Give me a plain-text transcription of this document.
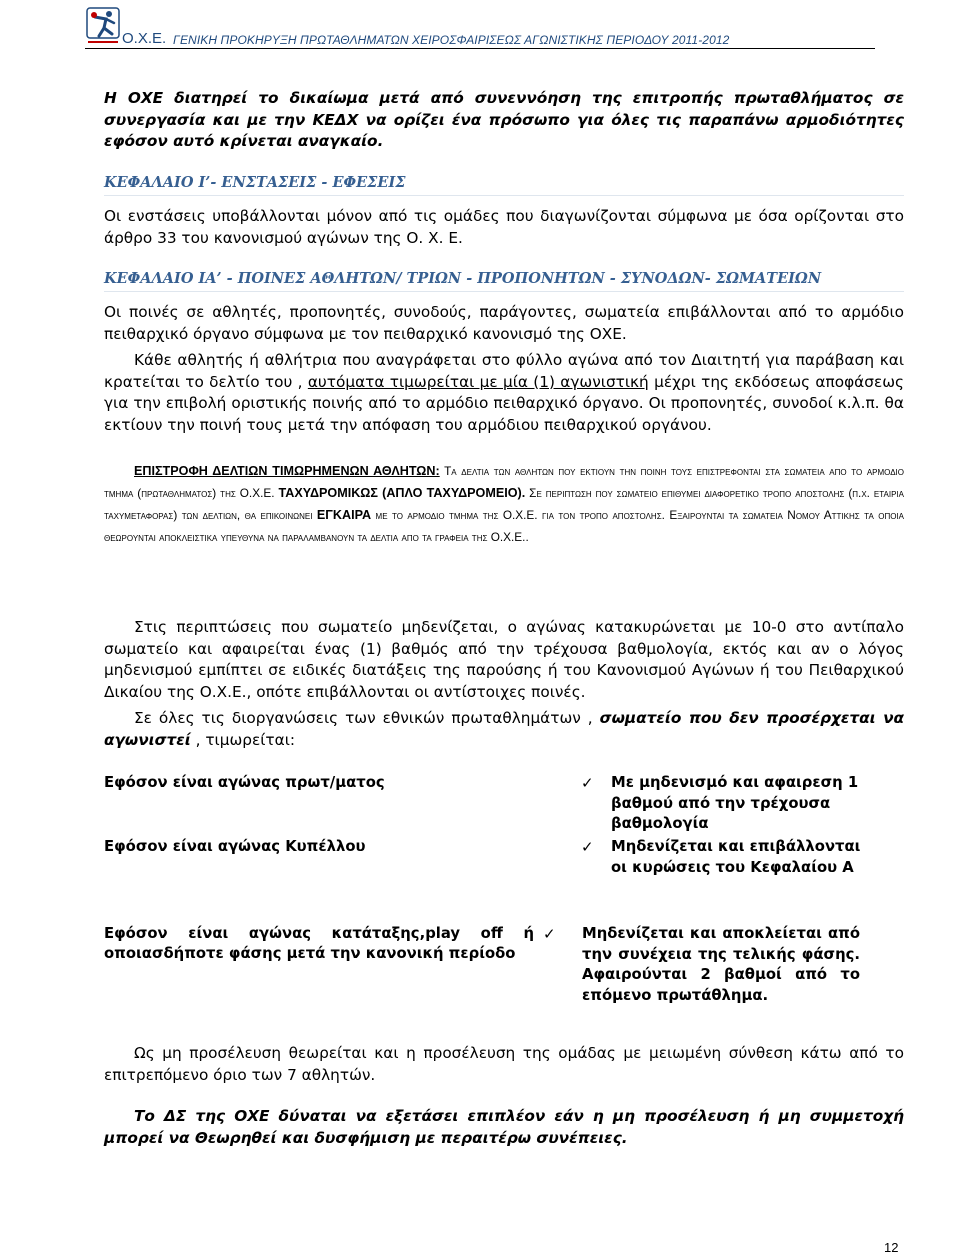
Ο.Χ.Ε. ΓΕΝΙΚΗ ΠΡΟΚΗΡΥΞΗ ΠΡΩΤΑΘΛΗΜΑΤΩΝ ΧΕΙΡΟΣΦΑΙΡΙΣΕΩΣ ΑΓΩΝΙΣΤΙΚΗΣ ΠΕΡΙΟΔΟΥ 2011-2012
Η ΟΧΕ διατηρεί το δικαίωμα μετά από συνεννόηση της επιτροπής πρωταθλήματος σε συνεργασία και με την ΚΕΔΧ να ορίζει ένα πρόσωπο για όλες τις παραπάνω αρμοδιότητες εφόσον αυτό κρίνεται αναγκαίο.
ΚΕΦΑΛΑΙΟ Ι’- ΕΝΣΤΑΣΕΙΣ - ΕΦΕΣΕΙΣ
Οι ενστάσεις υποβάλλονται μόνον από τις ομάδες που διαγωνίζονται σύμφωνα με όσα ορίζονται στο άρθρο 33 του κανονισμού αγώνων της Ο. Χ. Ε.
ΚΕΦΑΛΑΙΟ ΙΑ’ - ΠΟΙΝΕΣ ΑΘΛΗΤΩΝ/ ΤΡΙΩΝ - ΠΡΟΠΟΝΗΤΩΝ - ΣΥΝΟΔΩΝ- ΣΩΜΑΤΕΙΩΝ
Οι ποινές σε αθλητές, προπονητές, συνοδούς, παράγοντες, σωματεία επιβάλλονται από το αρμόδιο πειθαρχικό όργανο σύμφωνα με τον πειθαρχικό κανονισμό της ΟΧΕ.
Κάθε αθλητής ή αθλήτρια που αναγράφεται στο φύλλο αγώνα από τον Διαιτητή για παράβαση και κρατείται το δελτίο του , αυτόματα τιμωρείται με μία (1) αγωνιστική μέχρι της εκδόσεως αποφάσεως για την επιβολή οριστικής ποινής από το αρμόδιο πειθαρχικό όργανο. Οι προπονητές, συνοδοί κ.λ.π. θα εκτίουν την ποινή τους μετά την απόφαση του αρμόδιου πειθαρχικού οργάνου.
ΕΠΙΣΤΡΟΦΗ ΔΕΛΤΙΩΝ ΤΙΜΩΡΗΜΕΝΩΝ ΑΘΛΗΤΩΝ: Τα δελτια των αθλητων που εκτιουν την ποινη τους επιστρεφονται στα σωματεια απο το αρμοδιο τμημα (πρωταθληματος) της Ο.Χ.Ε. ΤΑΧΥΔΡΟΜΙΚΩΣ (ΑΠΛΟ ΤΑΧΥΔΡΟΜΕΙΟ). Σε περιπτωση που σωματειο επιθυμει διαφορετικο τροπο αποστολης (π.χ. εταιρια ταχυμεταφορας) των δελτιων, θα επικοινωνει ΕΓΚΑΙΡΑ με το αρμοδιο τμημα της Ο.Χ.Ε. για τον τροπο αποστολης. Εξαιρουνται τα σωματεια Νομου Αττικης τα οποια θεωρουνται αποκλειστικα υπευθυνα να παραλαμβανουν τα δελτια απο τα γραφεια της Ο.Χ.Ε..
Στις περιπτώσεις που σωματείο μηδενίζεται, ο αγώνας κατακυρώνεται με 10-0 στο αντίπαλο σωματείο και αφαιρείται ένας (1) βαθμός από την τρέχουσα βαθμολογία, εκτός και αν ο λόγος μηδενισμού εμπίπτει σε ειδικές διατάξεις της παρούσης ή του Κανονισμού Αγώνων ή του Πειθαρχικού Δικαίου της Ο.Χ.Ε., οπότε επιβάλλονται οι αντίστοιχες ποινές.
Σε όλες τις διοργανώσεις των εθνικών πρωταθλημάτων , σωματείο που δεν προσέρχεται να αγωνιστεί , τιμωρείται:
Εφόσον είναι αγώνας πρωτ/ματος	✓ Με μηδενισμό και αφαιρεση 1 βαθμού από την τρέχουσα βαθμολογία
Εφόσον είναι αγώνας Κυπέλλου	✓ Μηδενίζεται και επιβάλλονται οι κυρώσεις του Κεφαλαίου Α
Εφόσον είναι αγώνας κατάταξης,play off ή οποιασδήποτε φάσης μετά την κανονική περίοδο
✓ Μηδενίζεται και αποκλείεται από την συνέχεια της τελικής φάσης. Αφαιρούνται 2 βαθμοί από το επόμενο πρωτάθλημα.
Ως μη προσέλευση θεωρείται και η προσέλευση της ομάδας με μειωμένη σύνθεση κάτω από το επιτρεπόμενο όριο των 7 αθλητών.
Το ΔΣ της ΟΧΕ δύναται να εξετάσει επιπλέον εάν η μη προσέλευση ή μη συμμετοχή μπορεί να Θεωρηθεί και δυσφήμιση με περαιτέρω συνέπειες.
12
